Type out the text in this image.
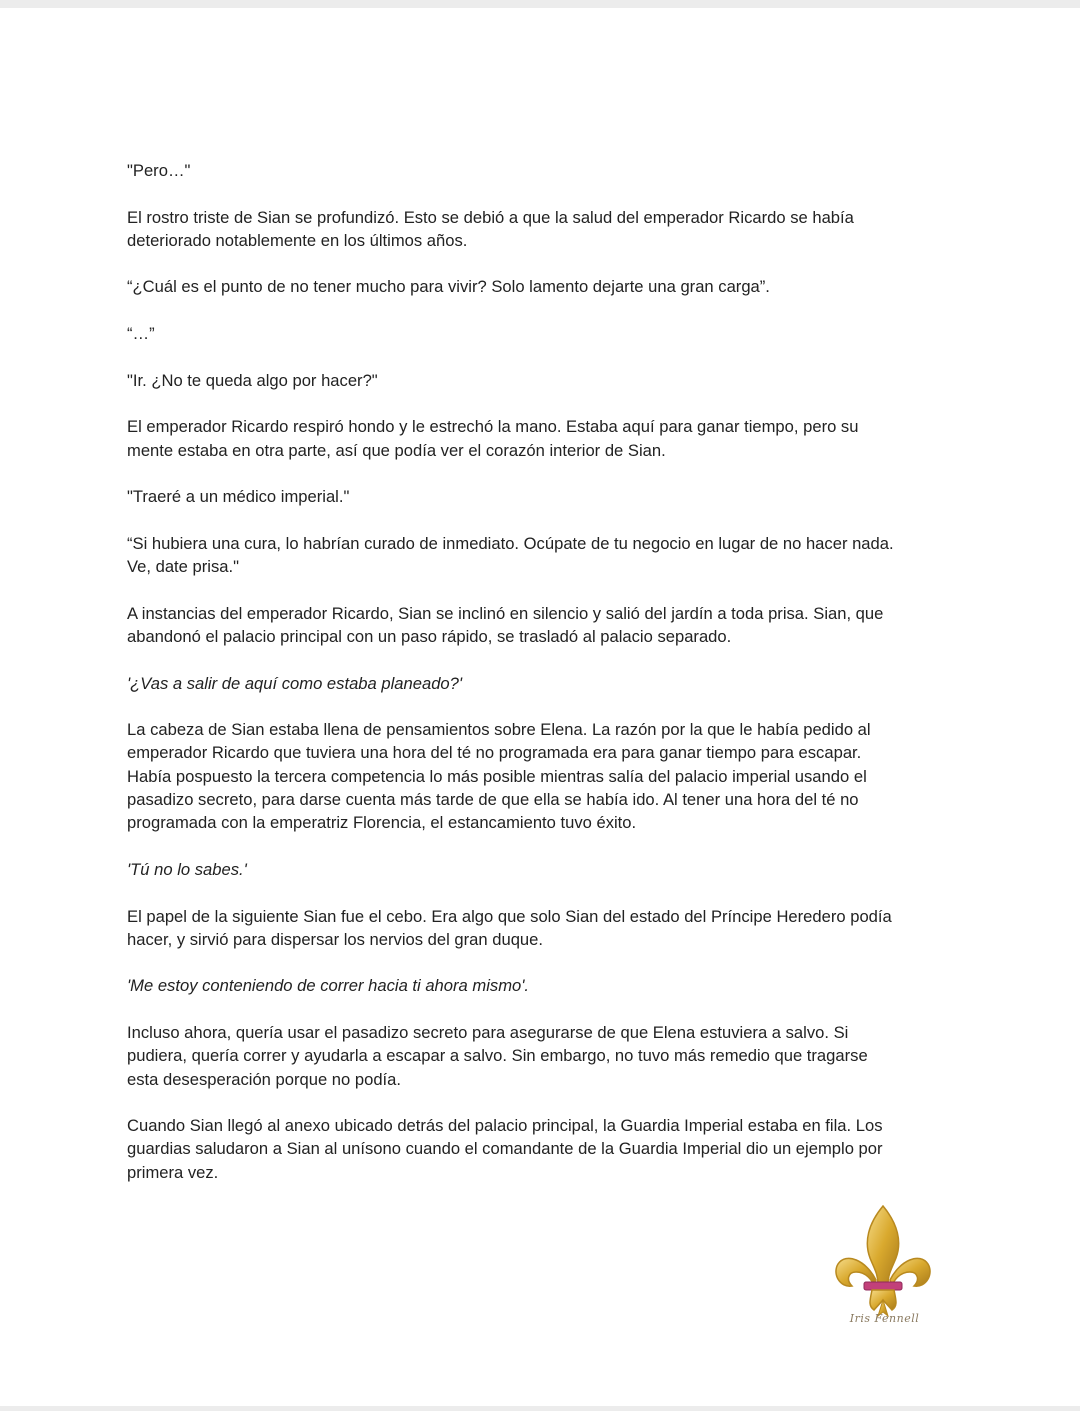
"Pero…"

El rostro triste de Sian se profundizó. Esto se debió a que la salud del emperador Ricardo se había
deteriorado notablemente en los últimos años.

“¿Cuál es el punto de no tener mucho para vivir? Solo lamento dejarte una gran carga”.

“…”

"Ir. ¿No te queda algo por hacer?"

El emperador Ricardo respiró hondo y le estrechó la mano. Estaba aquí para ganar tiempo, pero su
mente estaba en otra parte, así que podía ver el corazón interior de Sian.

"Traeré a un médico imperial."

“Si hubiera una cura, lo habrían curado de inmediato. Ocúpate de tu negocio en lugar de no hacer nada.
Ve, date prisa."

A instancias del emperador Ricardo, Sian se inclinó en silencio y salió del jardín a toda prisa. Sian, que
abandonó el palacio principal con un paso rápido, se trasladó al palacio separado.

'¿Vas a salir de aquí como estaba planeado?'

La cabeza de Sian estaba llena de pensamientos sobre Elena. La razón por la que le había pedido al
emperador Ricardo que tuviera una hora del té no programada era para ganar tiempo para escapar.
Había pospuesto la tercera competencia lo más posible mientras salía del palacio imperial usando el
pasadizo secreto, para darse cuenta más tarde de que ella se había ido. Al tener una hora del té no
programada con la emperatriz Florencia, el estancamiento tuvo éxito.

'Tú no lo sabes.'

El papel de la siguiente Sian fue el cebo. Era algo que solo Sian del estado del Príncipe Heredero podía
hacer, y sirvió para dispersar los nervios del gran duque.

'Me estoy conteniendo de correr hacia ti ahora mismo'.

Incluso ahora, quería usar el pasadizo secreto para asegurarse de que Elena estuviera a salvo. Si
pudiera, quería correr y ayudarla a escapar a salvo. Sin embargo, no tuvo más remedio que tragarse
esta desesperación porque no podía.

Cuando Sian llegó al anexo ubicado detrás del palacio principal, la Guardia Imperial estaba en fila. Los
guardias saludaron a Sian al unísono cuando el comandante de la Guardia Imperial dio un ejemplo por
primera vez.

Iris Fennell
